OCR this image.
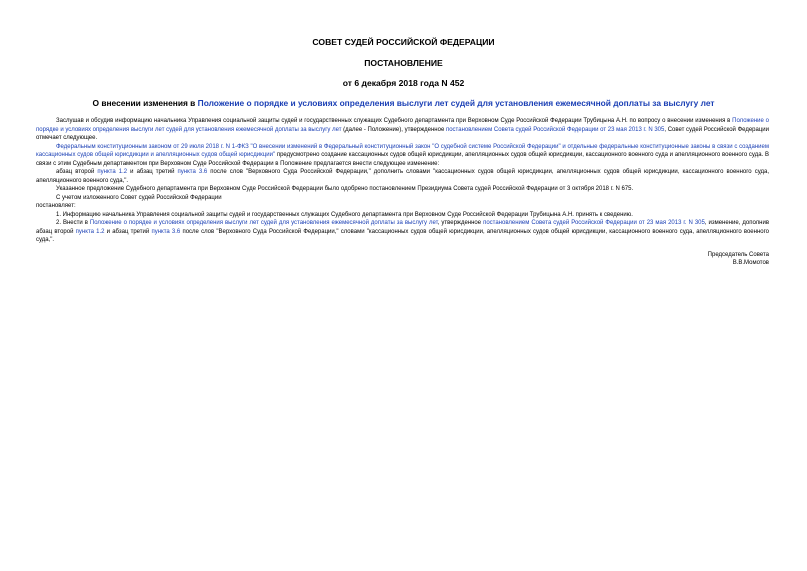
СОВЕТ СУДЕЙ РОССИЙСКОЙ ФЕДЕРАЦИИ
ПОСТАНОВЛЕНИЕ
от 6 декабря 2018 года N 452
О внесении изменения в Положение о порядке и условиях определения выслуги лет судей для установления ежемесячной доплаты за выслугу лет

Заслушав и обсудив информацию начальника Управления социальной защиты судей и государственных служащих Судебного департамента при Верховном Суде Российской Федерации Трубицына А.Н. по вопросу о внесении изменения в Положение о порядке и условиях определения выслуги лет судей для установления ежемесячной доплаты за выслугу лет (далее - Положение), утвержденное постановлением Совета судей Российской Федерации от 23 мая 2013 г. N 305, Совет судей Российской Федерации отмечает следующее.

Федеральным конституционным законом от 29 июля 2018 г. N 1-ФКЗ "О внесении изменений в Федеральный конституционный закон "О судебной системе Российской Федерации" и отдельные федеральные конституционные законы в связи с созданием кассационных судов общей юрисдикции и апелляционных судов общей юрисдикции" предусмотрено создание кассационных судов общей юрисдикции, апелляционных судов общей юрисдикции, кассационного военного суда и апелляционного военного суда. В связи с этим Судебным департаментом при Верховном Суде Российской Федерации в Положение предлагается внести следующее изменение:

абзац второй пункта 1.2 и абзац третий пункта 3.6 после слов "Верховного Суда Российской Федерации," дополнить словами "кассационных судов общей юрисдикции, апелляционных судов общей юрисдикции, кассационного военного суда, апелляционного военного суда,".

Указанное предложение Судебного департамента при Верховном Суде Российской Федерации было одобрено постановлением Президиума Совета судей Российской Федерации от 3 октября 2018 г. N 675.

С учетом изложенного Совет судей Российской Федерации

постановляет:

1. Информацию начальника Управления социальной защиты судей и государственных служащих Судебного департамента при Верховном Суде Российской Федерации Трубицына А.Н. принять к сведению.

2. Внести в Положение о порядке и условиях определения выслуги лет судей для установления ежемесячной доплаты за выслугу лет, утвержденное постановлением Совета судей Российской Федерации от 23 мая 2013 г. N 305, изменение, дополнив абзац второй пункта 1.2 и абзац третий пункта 3.6 после слов "Верховного Суда Российской Федерации," словами "кассационных судов общей юрисдикции, апелляционных судов общей юрисдикции, кассационного военного суда, апелляционного военного суда,".

Председатель Совета
В.В.Момотов
